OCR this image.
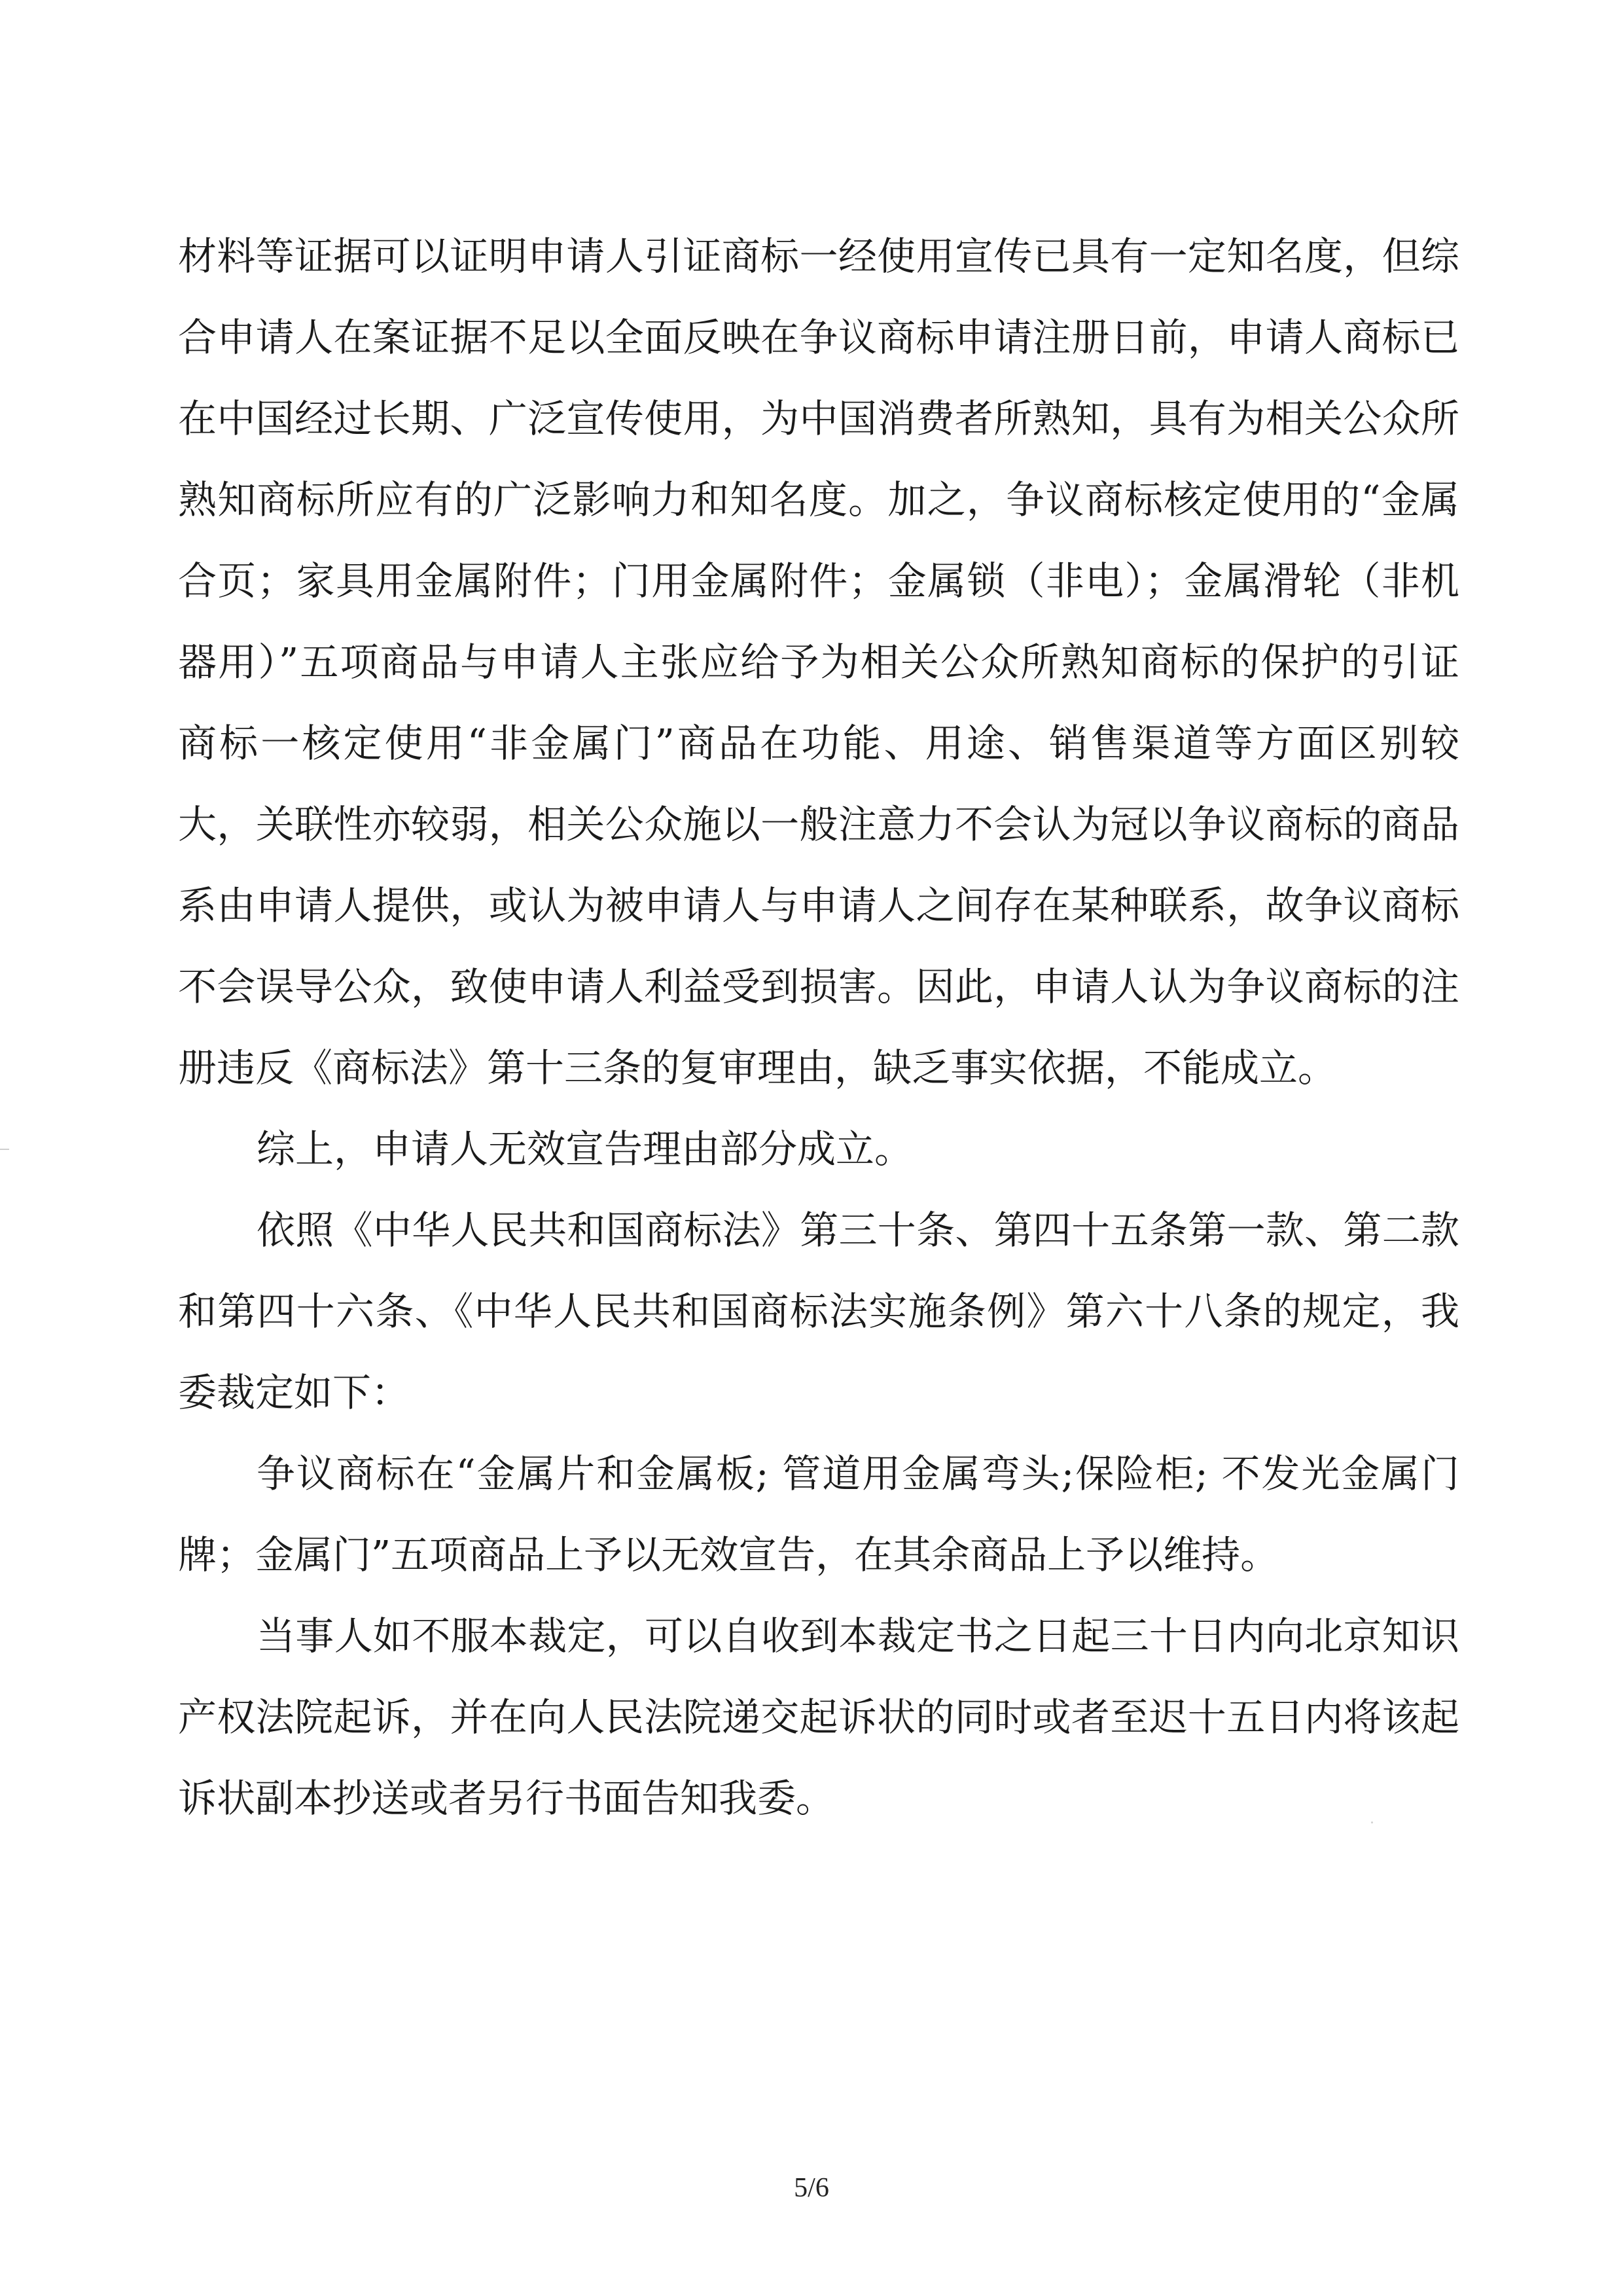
材料等证据可以证明申请人引证商标一经使用宣传已具有一定知名度，但综
合申请人在案证据不足以全面反映在争议商标申请注册日前，申请人商标已
在中国经过长期、广泛宣传使用，为中国消费者所熟知，具有为相关公众所
熟知商标所应有的广泛影响力和知名度。加之，争议商标核定使用的“金属
合页；家具用金属附件；门用金属附件；金属锁（非电）；金属滑轮（非机
器用）”五项商品与申请人主张应给予为相关公众所熟知商标的保护的引证
商标一核定使用“非金属门”商品在功能、用途、销售渠道等方面区别较
大，关联性亦较弱，相关公众施以一般注意力不会认为冠以争议商标的商品
系由申请人提供，或认为被申请人与申请人之间存在某种联系，故争议商标
不会误导公众，致使申请人利益受到损害。因此，申请人认为争议商标的注
册违反《商标法》第十三条的复审理由，缺乏事实依据，不能成立。
综上，申请人无效宣告理由部分成立。
依照《中华人民共和国商标法》第三十条、第四十五条第一款、第二款
和第四十六条、《中华人民共和国商标法实施条例》第六十八条的规定，我
委裁定如下：
争议商标在“金属片和金属板; 管道用金属弯头;保险柜; 不发光金属门
牌；金属门”五项商品上予以无效宣告，在其余商品上予以维持。
当事人如不服本裁定，可以自收到本裁定书之日起三十日内向北京知识
产权法院起诉，并在向人民法院递交起诉状的同时或者至迟十五日内将该起
诉状副本抄送或者另行书面告知我委。
5/6
